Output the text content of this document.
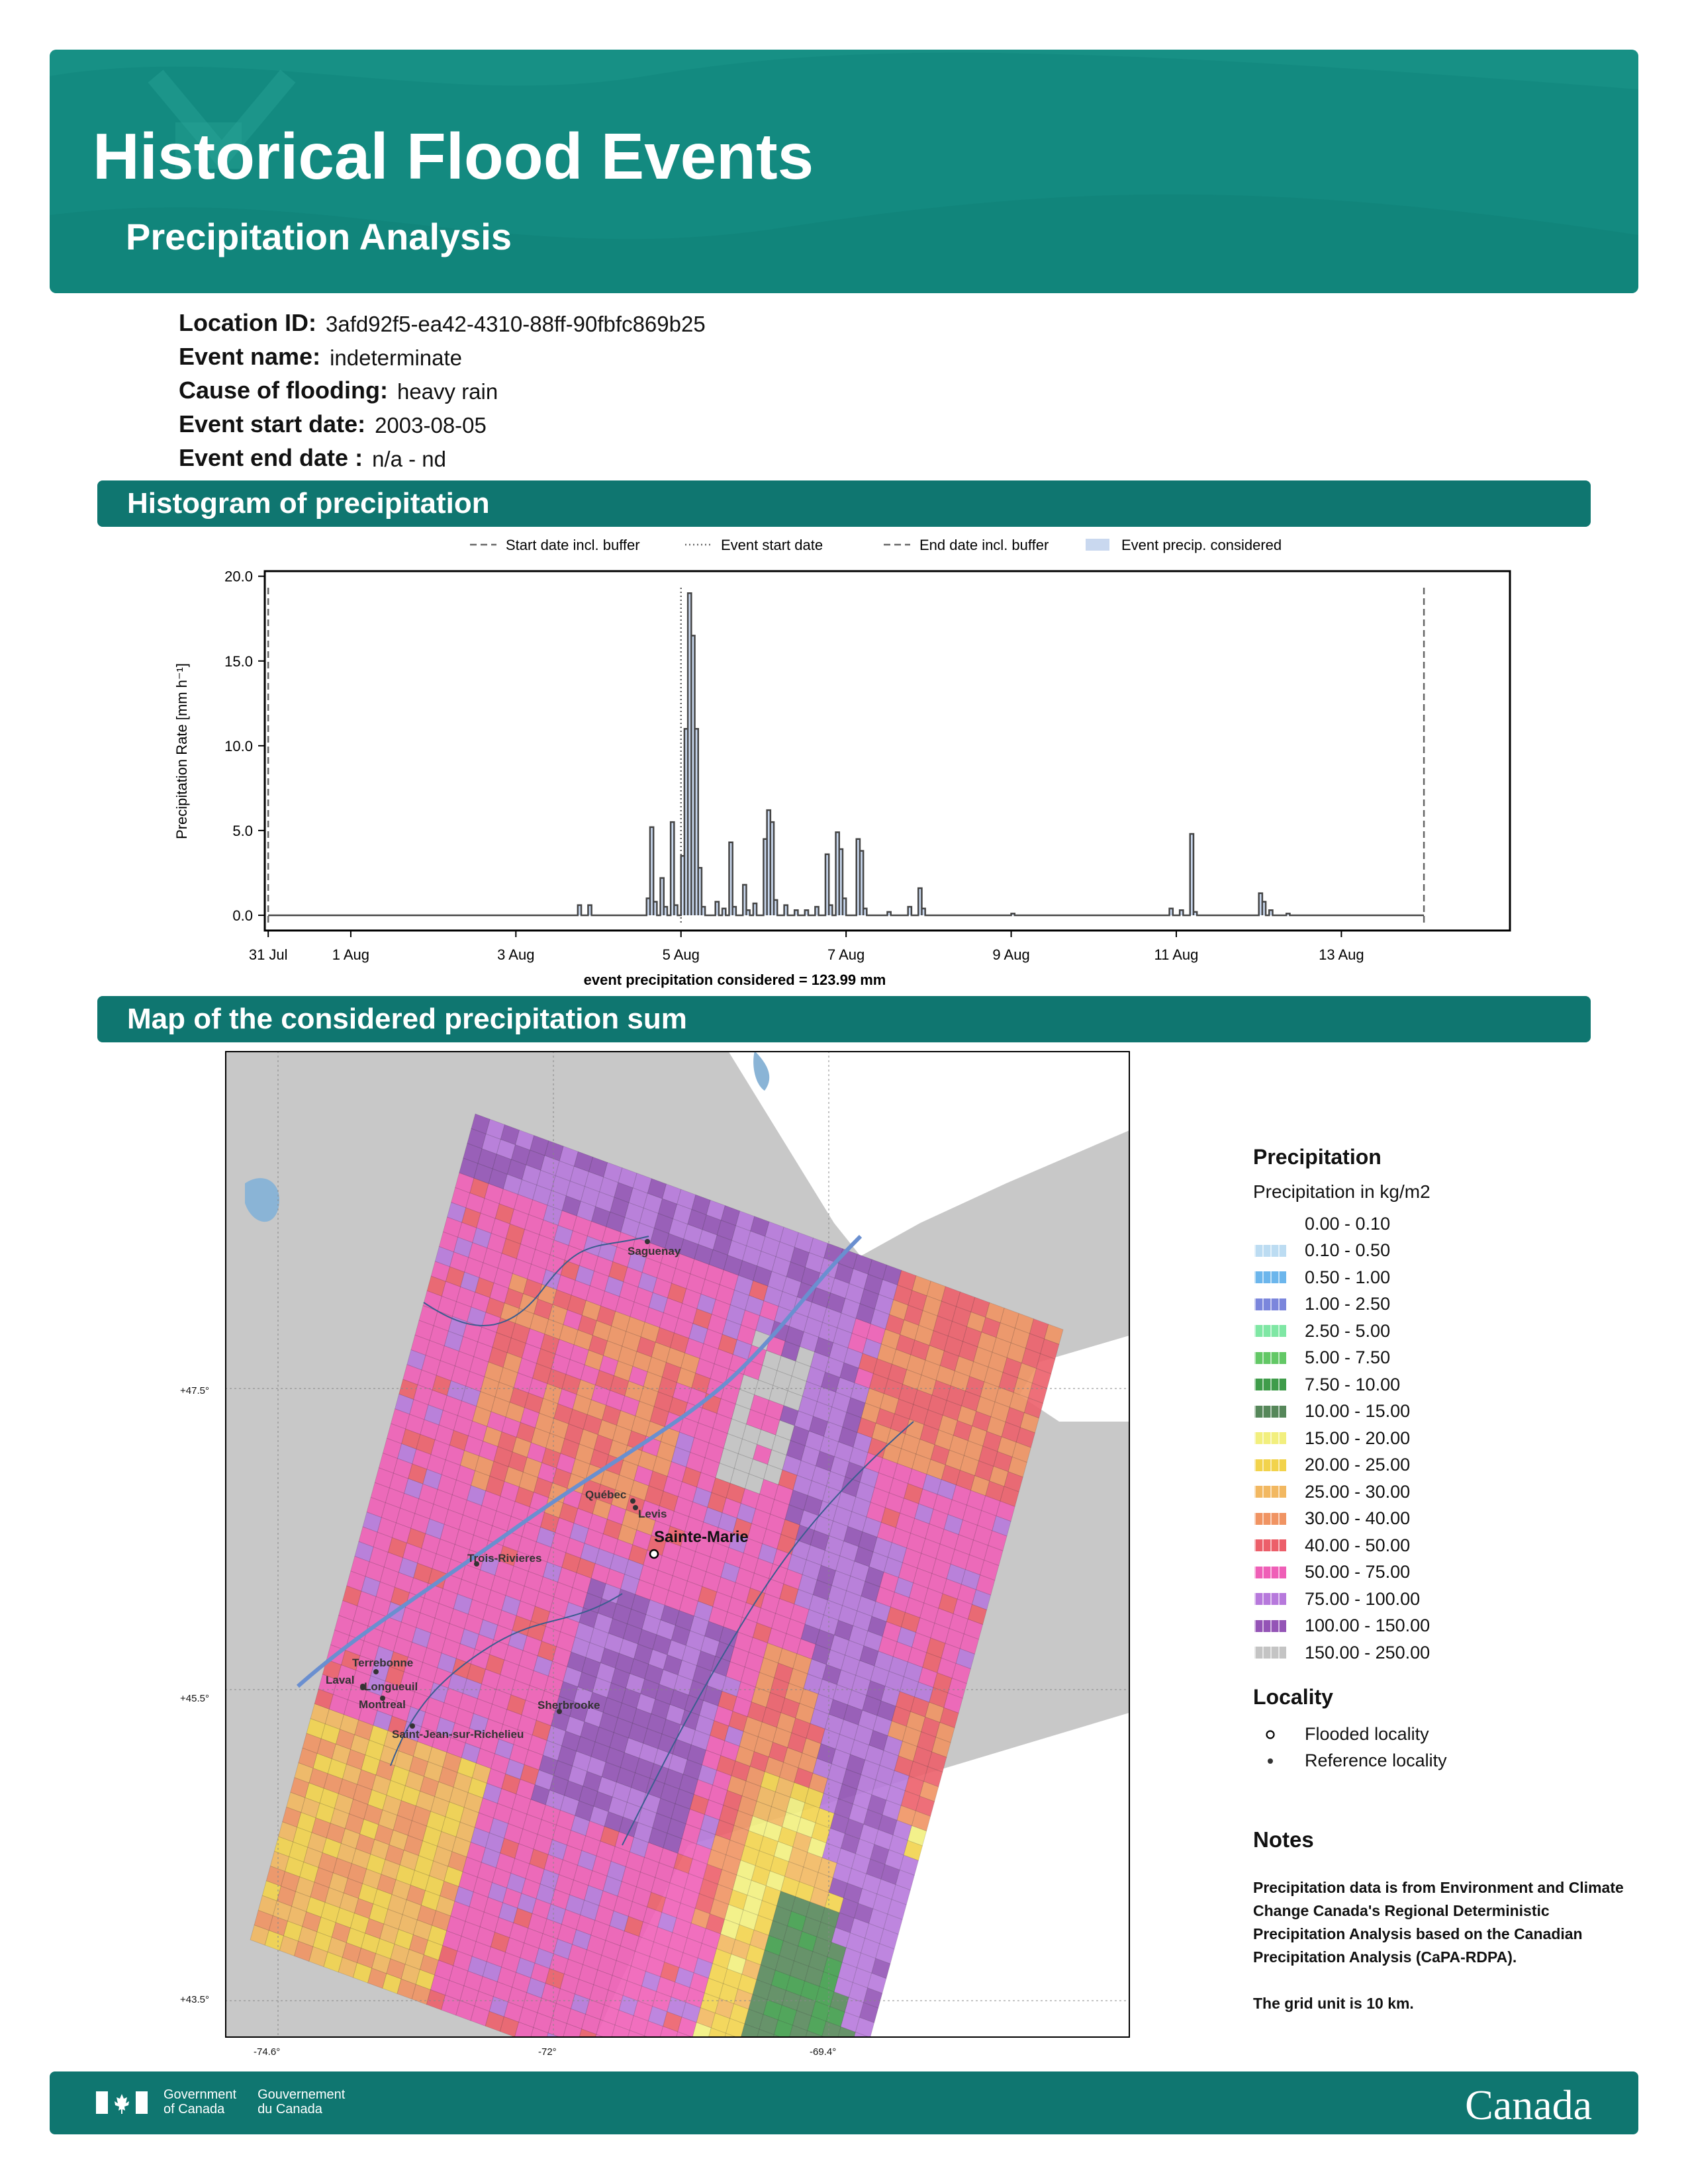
Historical Flood Events
Precipitation Analysis
Location ID: 3afd92f5-ea42-4310-88ff-90fbfc869b25
Event name: indeterminate
Cause of flooding: heavy rain
Event start date: 2003-08-05
Event end date : n/a - nd
Histogram of precipitation
Start date incl. buffer	Event start date	End date incl. buffer	Event precip. considered
0.0
5.0
10.0
15.0
20.0
31 Jul	1 Aug	3 Aug	5 Aug	7 Aug	9 Aug	11 Aug	13 Aug
Precipitation Rate [mm h⁻¹]
event precipitation considered = 123.99 mm
Map of the considered precipitation sum
Saguenay
Québec
Levis
Trois-Rivieres
Terrebonne
Laval
Longueuil
Montreal
Saint-Jean-sur-Richelieu
Sherbrooke
Sainte-Marie
-74.6°	-72°	-69.4°
+47.5°
+45.5°
+43.5°
Precipitation
Precipitation in kg/m2
0.00 - 0.10
0.10 - 0.50
0.50 - 1.00
1.00 - 2.50
2.50 - 5.00
5.00 - 7.50
7.50 - 10.00
10.00 - 15.00
15.00 - 20.00
20.00 - 25.00
25.00 - 30.00
30.00 - 40.00
40.00 - 50.00
50.00 - 75.00
75.00 - 100.00
100.00 - 150.00
150.00 - 250.00
Locality
Flooded locality
Reference locality
Notes

Precipitation data is from Environment and Climate Change Canada's Regional Deterministic Precipitation Analysis based on the Canadian Precipitation Analysis (CaPA-RDPA).

The grid unit is 10 km.

Government
of Canada
Gouvernement
du Canada	Canada
